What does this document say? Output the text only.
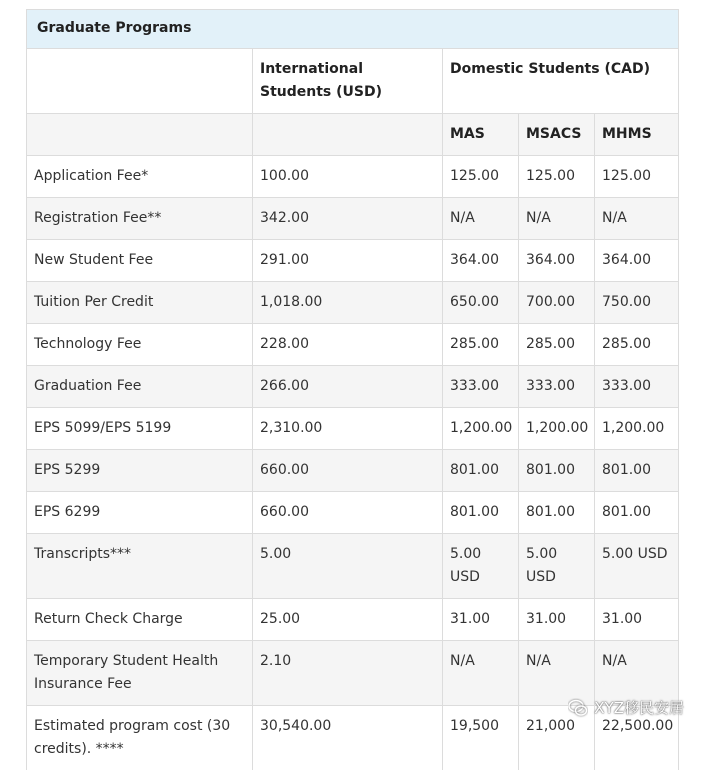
Graduate Programs				
	International Students (USD)	Domestic Students (CAD)		
		MAS	MSACS	MHMS
Application Fee*	100.00	125.00	125.00	125.00
Registration Fee**	342.00	N/A	N/A	N/A
New Student Fee	291.00	364.00	364.00	364.00
Tuition Per Credit	1,018.00	650.00	700.00	750.00
Technology Fee	228.00	285.00	285.00	285.00
Graduation Fee	266.00	333.00	333.00	333.00
EPS 5099/EPS 5199	2,310.00	1,200.00	1,200.00	1,200.00
EPS 5299	660.00	801.00	801.00	801.00
EPS 6299	660.00	801.00	801.00	801.00
Transcripts***	5.00	5.00 USD	5.00 USD	5.00 USD
Return Check Charge	25.00	31.00	31.00	31.00
Temporary Student Health Insurance Fee	2.10	N/A	N/A	N/A
Estimated program cost (30 credits). ****	30,540.00	19,500	21,000	22,500.00
XYZ移民安居
